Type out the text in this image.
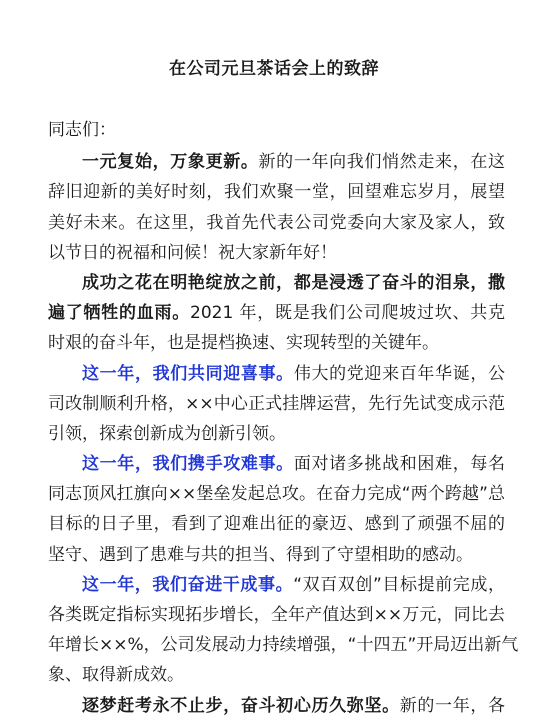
在公司元旦茶话会上的致辞
同志们：
一元复始，万象更新。新的一年向我们悄然走来，在这
辞旧迎新的美好时刻，我们欢聚一堂，回望难忘岁月，展望
美好未来。在这里，我首先代表公司党委向大家及家人，致
以节日的祝福和问候！祝大家新年好！
成功之花在明艳绽放之前，都是浸透了奋斗的泪泉，撒
遍了牺牲的血雨。2021 年，既是我们公司爬坡过坎、共克
时艰的奋斗年，也是提档换速、实现转型的关键年。
这一年，我们共同迎喜事。伟大的党迎来百年华诞，公
司改制顺利升格，××中心正式挂牌运营，先行先试变成示范
引领，探索创新成为创新引领。
这一年，我们携手攻难事。面对诸多挑战和困难，每名
同志顶风扛旗向××堡垒发起总攻。在奋力完成“两个跨越”总
目标的日子里，看到了迎难出征的豪迈、感到了顽强不屈的
坚守、遇到了患难与共的担当、得到了守望相助的感动。
这一年，我们奋进干成事。“双百双创”目标提前完成，
各类既定指标实现拓步增长，全年产值达到××万元，同比去
年增长××%，公司发展动力持续增强，“十四五”开局迈出新气
象、取得新成效。
逐梦赶考永不止步，奋斗初心历久弥坚。新的一年，各
